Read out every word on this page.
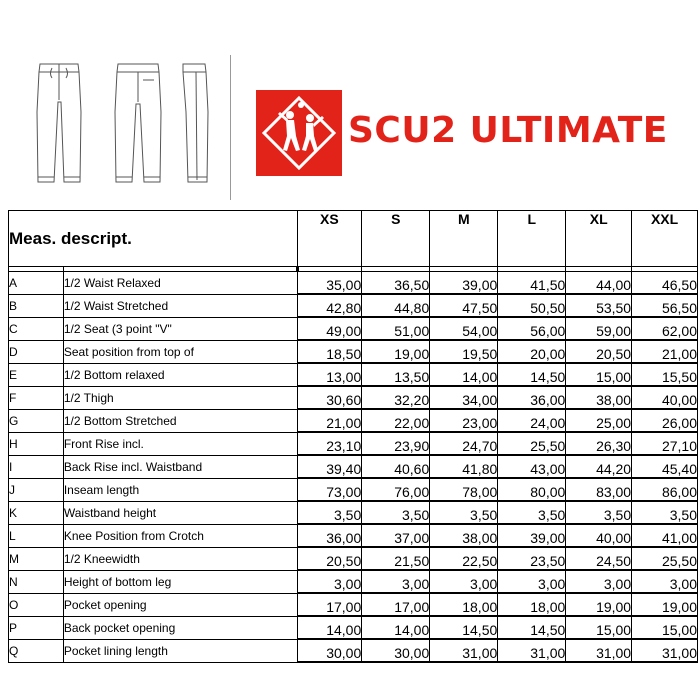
SCU2 ULTIMATE
Meas. descript.		XS	S	M	L	XL	XXL

A	1/2 Waist Relaxed	35,00	36,50	39,00	41,50	44,00	46,50
B	1/2 Waist Stretched	42,80	44,80	47,50	50,50	53,50	56,50
C	1/2 Seat (3 point "V"	49,00	51,00	54,00	56,00	59,00	62,00
D	Seat position from top of	18,50	19,00	19,50	20,00	20,50	21,00
E	1/2 Bottom relaxed	13,00	13,50	14,00	14,50	15,00	15,50
F	1/2 Thigh	30,60	32,20	34,00	36,00	38,00	40,00
G	1/2 Bottom Stretched	21,00	22,00	23,00	24,00	25,00	26,00
H	Front Rise incl.	23,10	23,90	24,70	25,50	26,30	27,10
I	Back Rise incl. Waistband	39,40	40,60	41,80	43,00	44,20	45,40
J	Inseam length	73,00	76,00	78,00	80,00	83,00	86,00
K	Waistband height	3,50	3,50	3,50	3,50	3,50	3,50
L	Knee Position from Crotch	36,00	37,00	38,00	39,00	40,00	41,00
M	1/2 Kneewidth	20,50	21,50	22,50	23,50	24,50	25,50
N	Height of bottom leg	3,00	3,00	3,00	3,00	3,00	3,00
O	Pocket opening	17,00	17,00	18,00	18,00	19,00	19,00
P	Back pocket opening	14,00	14,00	14,50	14,50	15,00	15,00
Q	Pocket lining length	30,00	30,00	31,00	31,00	31,00	31,00
